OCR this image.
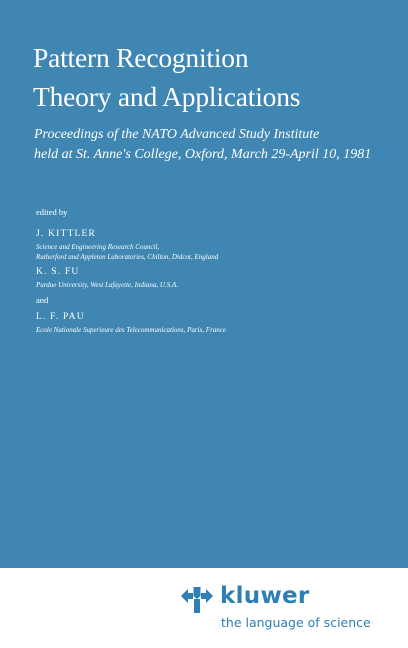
Pattern Recognition
Theory and Applications

Proceedings of the NATO Advanced Study Institute
held at St. Anne's College, Oxford, March 29-April 10, 1981

edited by
J. KITTLER
Science and Engineering Research Council,
Rutherford and Appleton Laboratories, Chilton, Didcot, England
K. S. FU
Purdue University, West Lafayette, Indiana, U.S.A.
and
L. F. PAU
Ecole Nationale Superieure des Telecommunications, Paris, France
kluwer
the language of science
